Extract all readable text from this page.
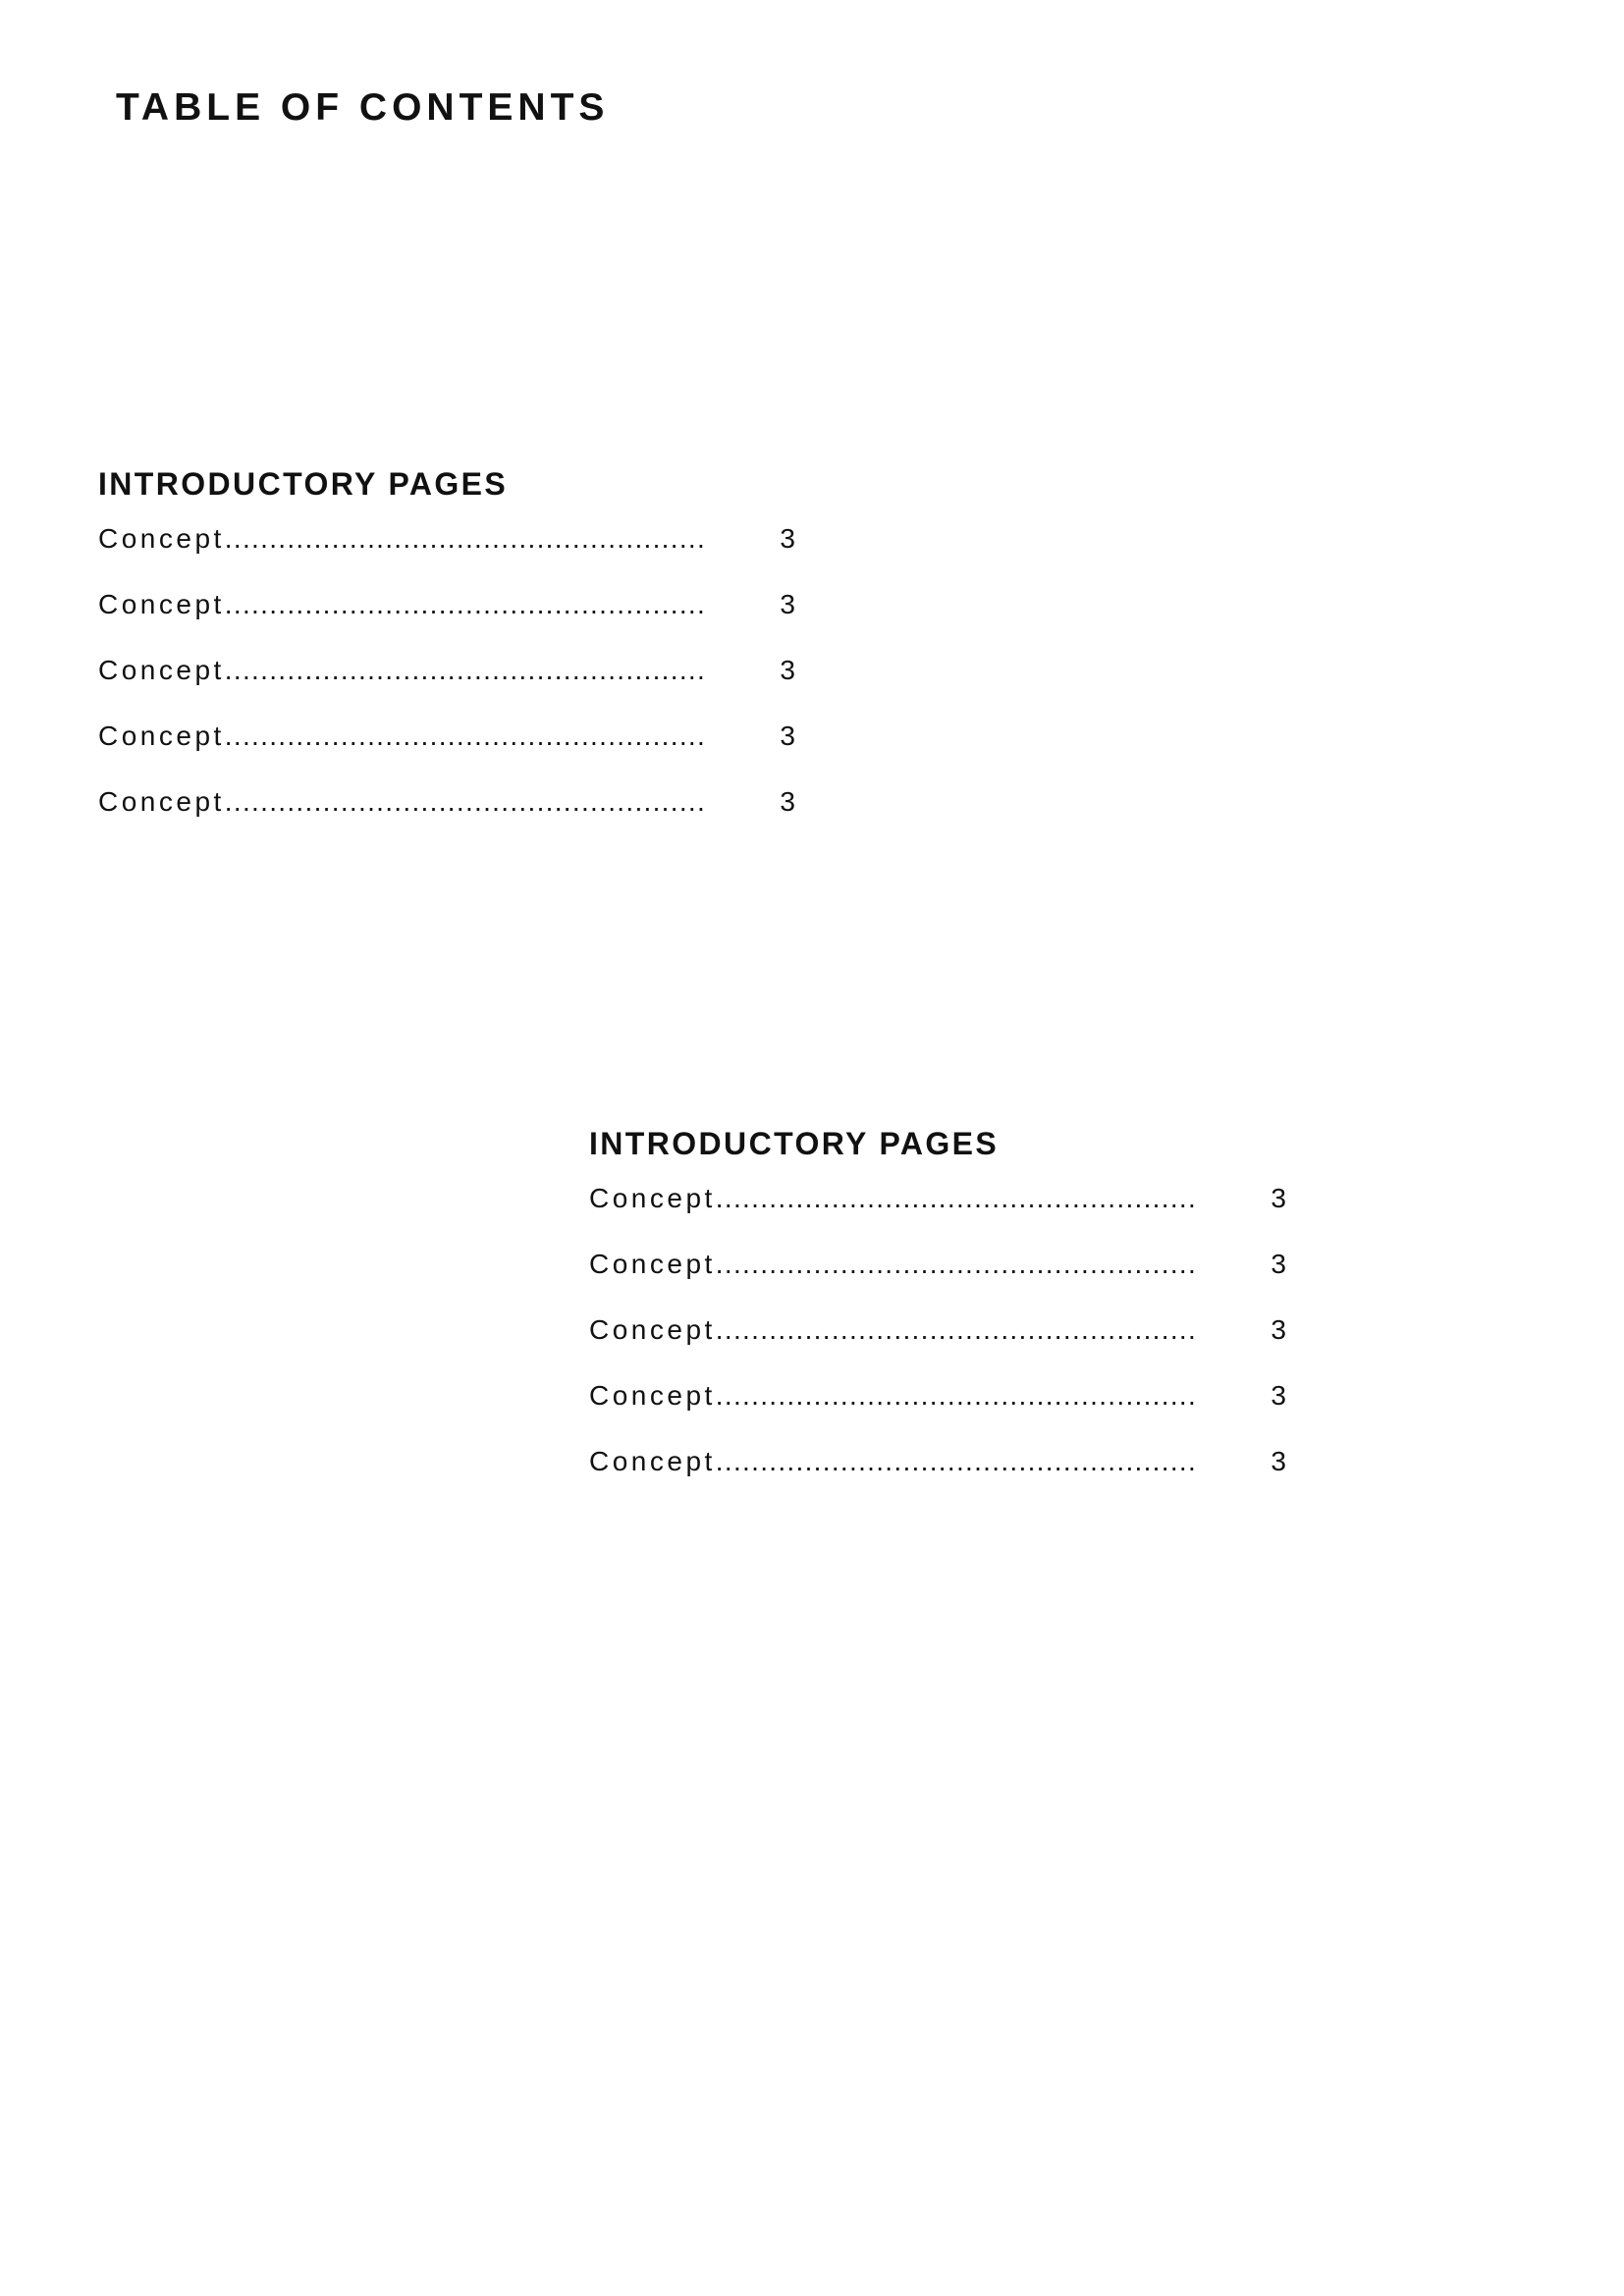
TABLE OF CONTENTS
INTRODUCTORY PAGES
Concept ......................................................	3
Concept ......................................................	3
Concept ......................................................	3
Concept ......................................................	3
Concept ......................................................	3
INTRODUCTORY PAGES
Concept ......................................................	3
Concept ......................................................	3
Concept ......................................................	3
Concept ......................................................	3
Concept ......................................................	3
